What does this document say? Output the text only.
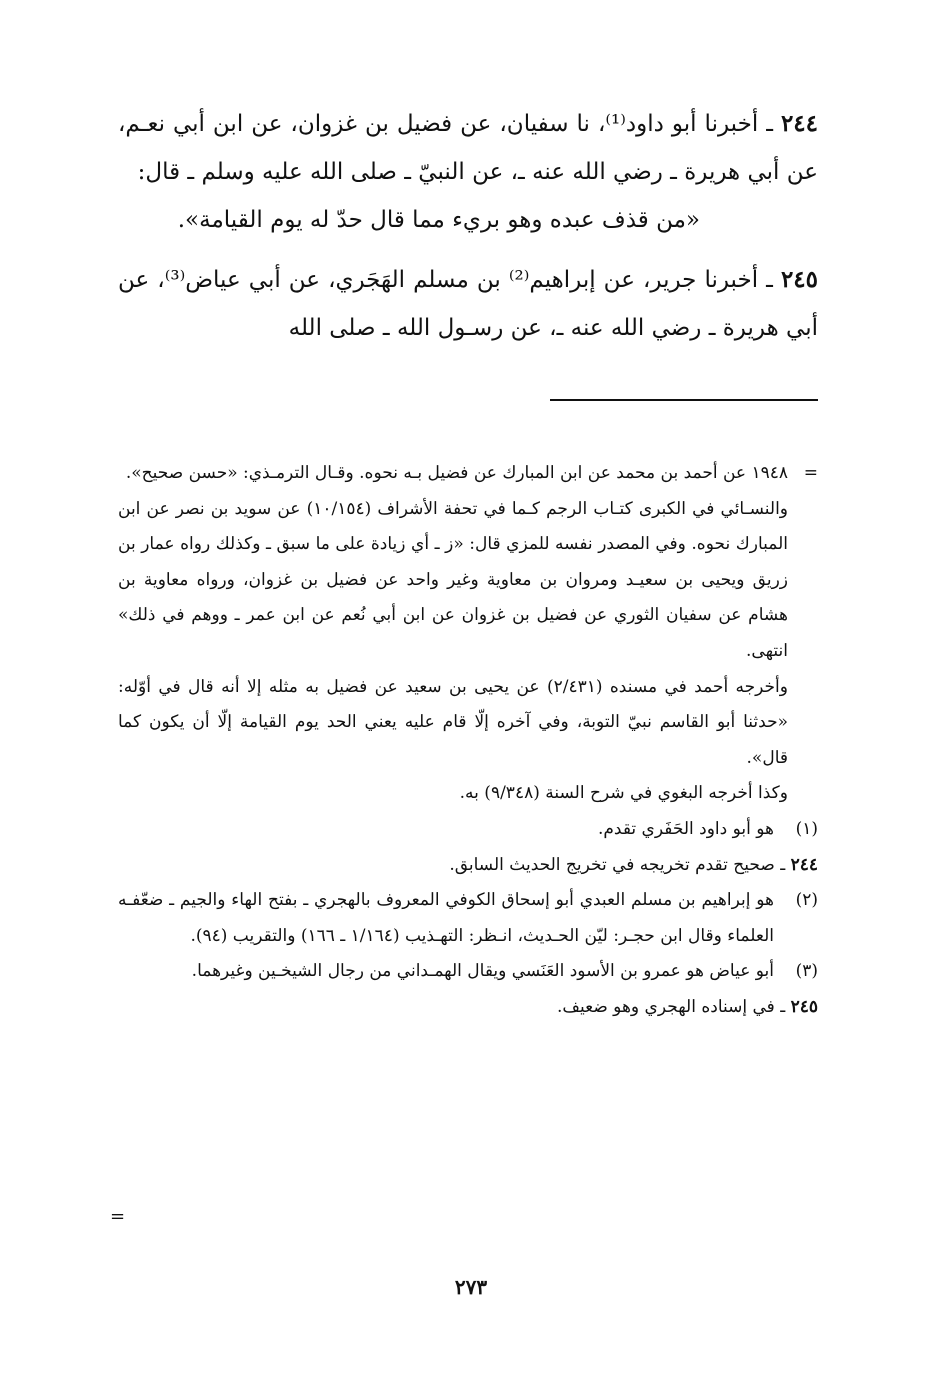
٢٤٤ ـ أخبرنا أبو داود⁽¹⁾، نا سفيان، عن فضيل بن غزوان، عن ابن أبي نعـم، عن أبي هريرة ـ رضي الله عنه ـ، عن النبيّ ـ صلى الله عليه وسلم ـ قال:

«من قذف عبده وهو بريء مما قال حدّ له يوم القيامة».

٢٤٥ ـ أخبرنا جرير، عن إبراهيم⁽²⁾ بن مسلم الهَجَري، عن أبي عياض⁽³⁾، عن أبي هريرة ـ رضي الله عنه ـ، عن رسـول الله ـ صلى الله

=

١٩٤٨ عن أحمد بن محمد عن ابن المبارك عن فضيل بـه نحوه. وقـال الترمـذي: «حسن صحيح».

والنسـائي في الكبرى كتـاب الرجم كـما في تحفة الأشراف (١٠/١٥٤) عن سويد بن نصر عن ابن المبارك نحوه. وفي المصدر نفسه للمزي قال: «ز ـ أي زيادة على ما سبق ـ وكذلك رواه عمار بن زريق ويحيى بن سعيـد ومروان بن معاوية وغير واحد عن فضيل بن غزوان، ورواه معاوية بن هشام عن سفيان الثوري عن فضيل بن غزوان عن ابن أبي نُعم عن ابن عمر ـ ووهم في ذلك» انتهى.

وأخرجه أحمد في مسنده (٢/٤٣١) عن يحيى بن سعيد عن فضيل به مثله إلا أنه قال في أوّله: «حدثنا أبو القاسم نبيّ التوبة، وفي آخره إلّا قام عليه يعني الحد يوم القيامة إلّا أن يكون كما قال».

وكذا أخرجه البغوي في شرح السنة (٩/٣٤٨) به.

(١)
هو أبو داود الحَفَري تقدم.

٢٤٤ ـ صحيح تقدم تخريجه في تخريج الحديث السابق.

(٢)
هو إبراهيم بن مسلم العبدي أبو إسحاق الكوفي المعروف بالهجري ـ بفتح الهاء والجيم ـ ضعّفـه العلماء وقال ابن حجـر: ليّن الحـديث، انـظر: التهـذيب (١/١٦٤ ـ ١٦٦) والتقريب (٩٤).
(٣)
أبو عياض هو عمرو بن الأسود العَنَسي ويقال الهمـداني من رجال الشيخـين وغيرهما.

٢٤٥ ـ في إسناده الهجري وهو ضعيف.

=
٢٧٣
